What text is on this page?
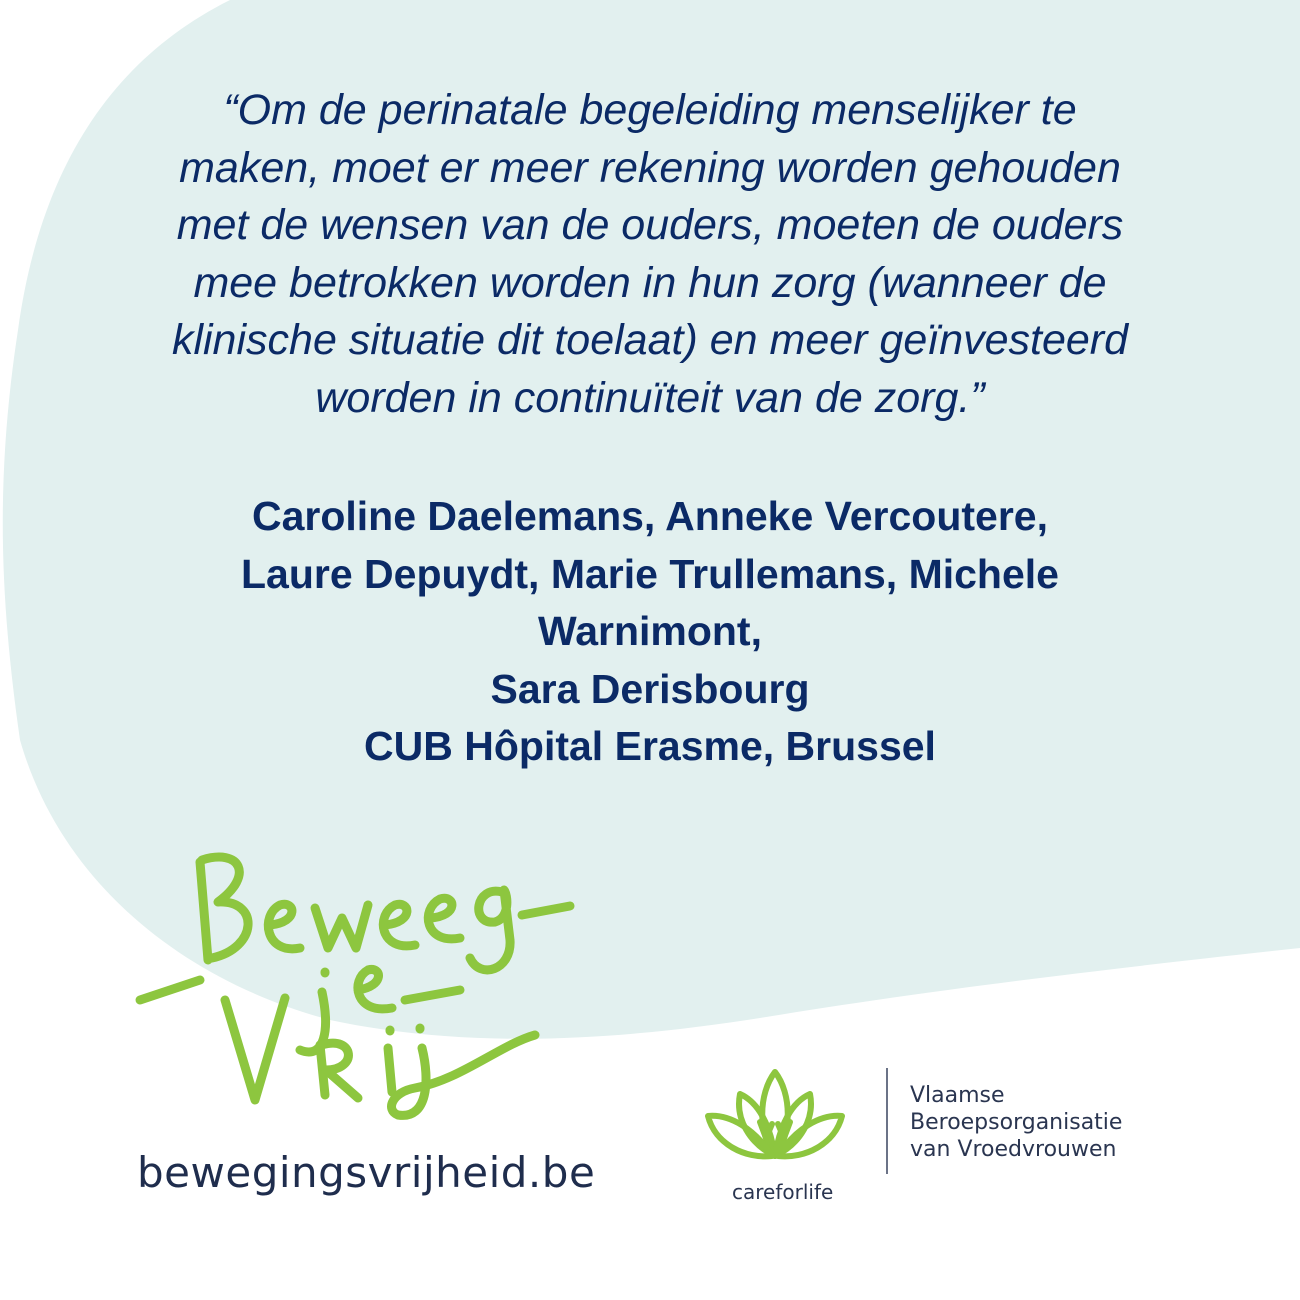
“Om de perinatale begeleiding menselijker te
maken, moet er meer rekening worden gehouden
met de wensen van de ouders, moeten de ouders
mee betrokken worden in hun zorg (wanneer de
klinische situatie dit toelaat) en meer geïnvesteerd
worden in continuïteit van de zorg.”
Caroline Daelemans, Anneke Vercoutere,
Laure Depuydt, Marie Trullemans, Michele
Warnimont,
Sara Derisbourg
CUB Hôpital Erasme, Brussel
bewegingsvrijheid.be	careforlife
Vlaamse
Beroepsorganisatie
van Vroedvrouwen
